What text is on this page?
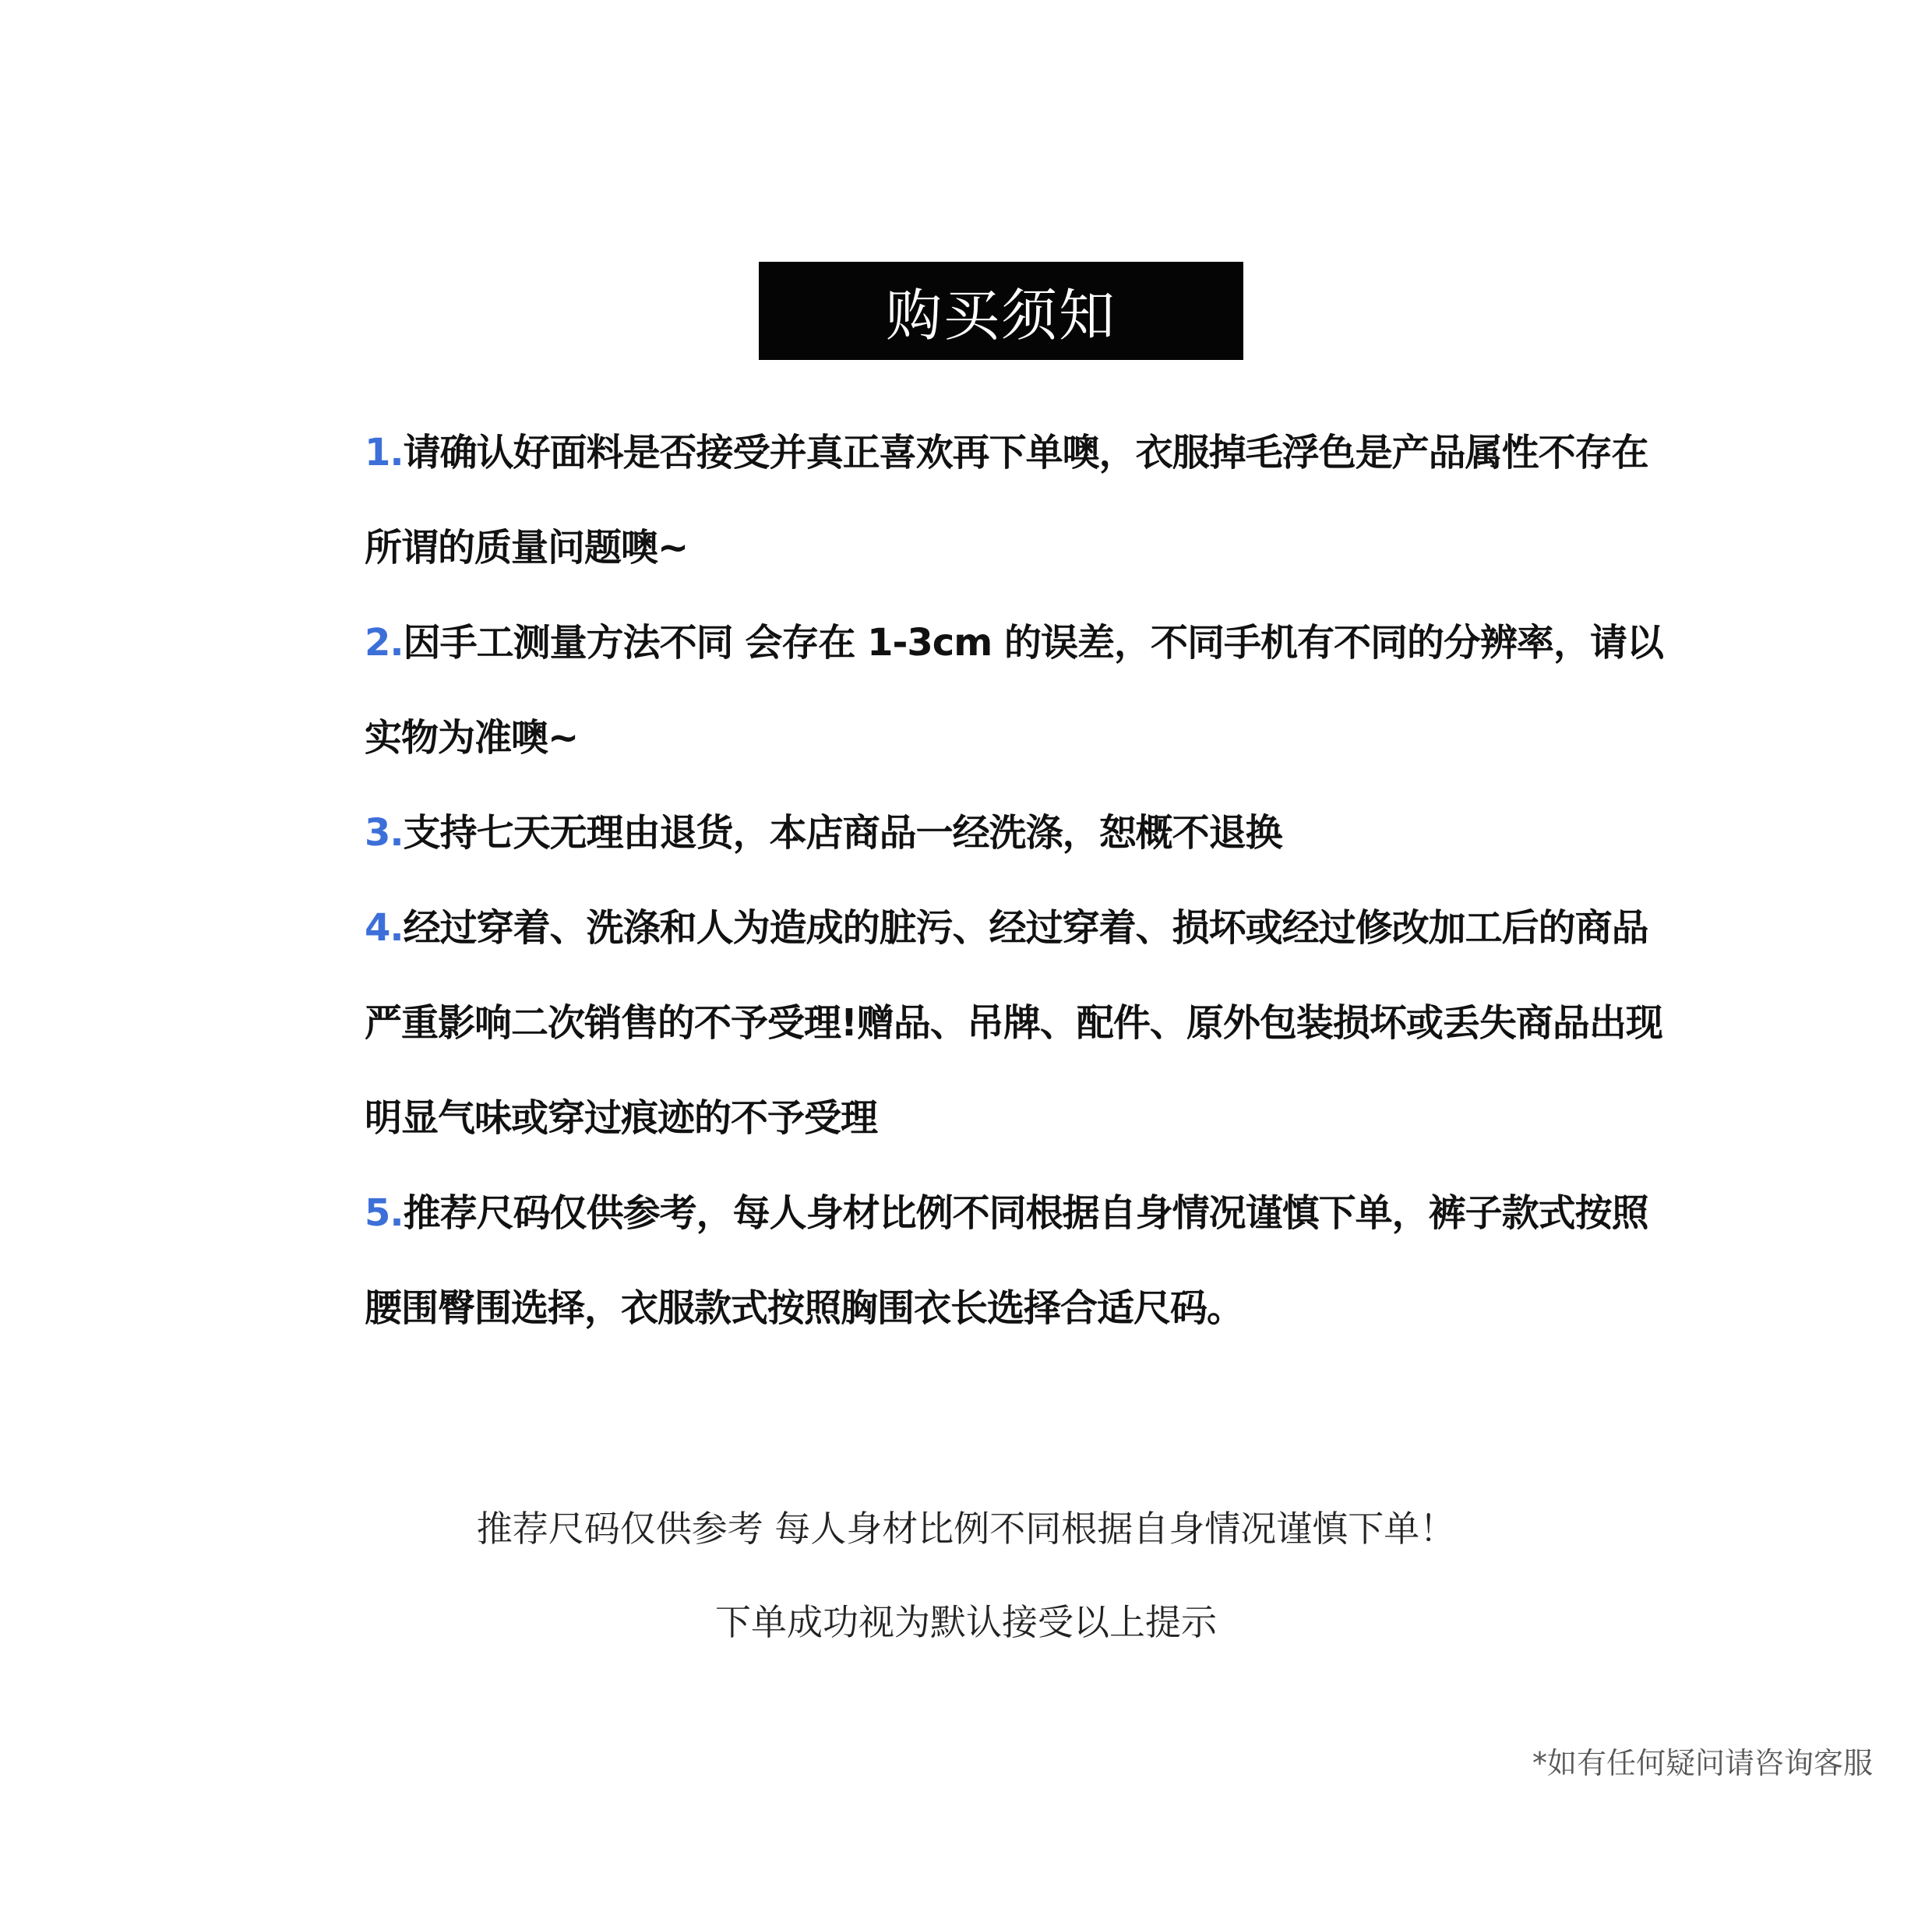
购买须知
1.请确认好面料是否接受并真正喜欢再下单噢，衣服掉毛浮色是产品属性不存在
所谓的质量问题噢~
2.因手工测量方法不同 会存在 1-3cm 的误差，不同手机有不同的分辨率，请以
实物为准噢~
3.支持七天无理由退货，本店商品一经洗涤，恕概不退换
4.经过穿着、洗涤和人为造成的脏污、经过穿着、损坏或经过修改加工后的商品
严重影响二次销售的不予受理!赠品、吊牌、配件、原外包装损坏或丢失商品出现
明显气味或穿过痕迹的不予受理
5.推荐尺码仅供参考，每人身材比例不同根据自身情况谨慎下单，裤子款式按照
腰围臀围选择，衣服款式按照胸围衣长选择合适尺码。
推荐尺码仅供参考 每人身材比例不同根据自身情况谨慎下单！
下单成功视为默认接受以上提示
*如有任何疑问请咨询客服
